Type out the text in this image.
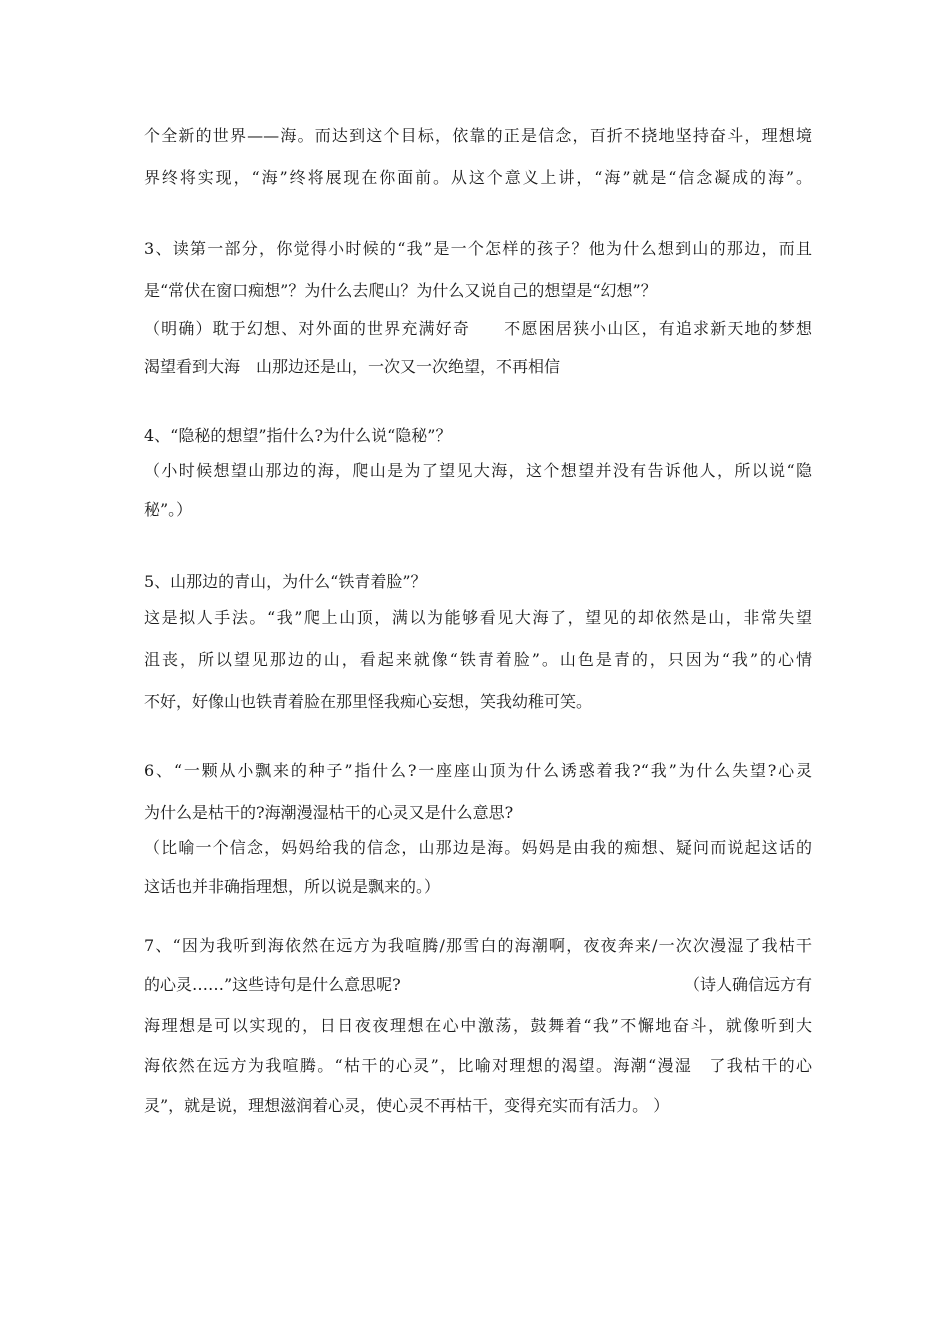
个全新的世界——海。而达到这个目标，依靠的正是信念，百折不挠地坚持奋斗，理想境
界终将实现，“海”终将展现在你面前。从这个意义上讲，“海”就是“信念凝成的海”。
3、读第一部分，你觉得小时候的“我”是一个怎样的孩子？他为什么想到山的那边，而且
是“常伏在窗口痴想”？为什么去爬山？为什么又说自己的想望是“幻想”？
（明确）耽于幻想、对外面的世界充满好奇　　不愿困居狭小山区，有追求新天地的梦想
渴望看到大海　山那边还是山，一次又一次绝望，不再相信
4、“隐秘的想望”指什么?为什么说“隐秘”？
（小时候想望山那边的海，爬山是为了望见大海，这个想望并没有告诉他人，所以说“隐
秘”。）
5、山那边的青山，为什么“铁青着脸”？
这是拟人手法。“我”爬上山顶，满以为能够看见大海了，望见的却依然是山，非常失望
沮丧，所以望见那边的山，看起来就像“铁青着脸”。山色是青的，只因为“我”的心情
不好，好像山也铁青着脸在那里怪我痴心妄想，笑我幼稚可笑。
6、“一颗从小飘来的种子”指什么?一座座山顶为什么诱惑着我?“我”为什么失望?心灵
为什么是枯干的?海潮漫湿枯干的心灵又是什么意思?
（比喻一个信念，妈妈给我的信念，山那边是海。妈妈是由我的痴想、疑问而说起这话的
这话也并非确指理想，所以说是飘来的。）
7、“因为我听到海依然在远方为我喧腾/那雪白的海潮啊，夜夜奔来/一次次漫湿了我枯干
的心灵……”这些诗句是什么意思呢?	（诗人确信远方有
海理想是可以实现的，日日夜夜理想在心中激荡，鼓舞着“我”不懈地奋斗，就像听到大
海依然在远方为我喧腾。“枯干的心灵”，比喻对理想的渴望。海潮“漫湿　了我枯干的心
灵”，就是说，理想滋润着心灵，使心灵不再枯干，变得充实而有活力。 ）
